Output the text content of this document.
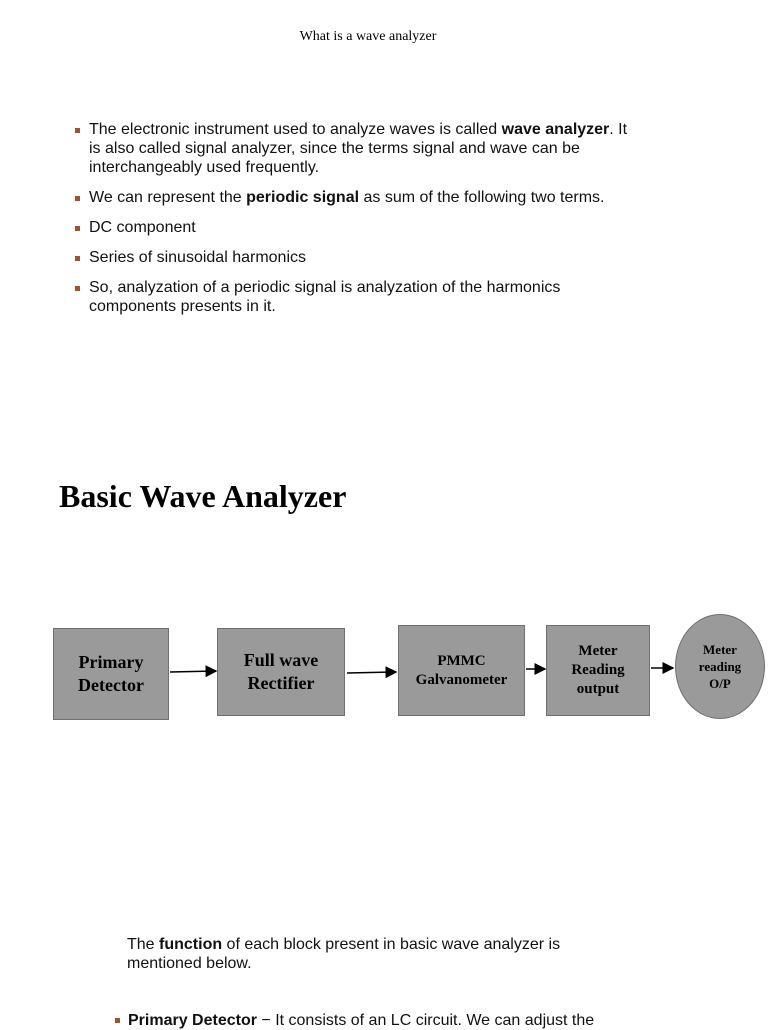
What is a wave analyzer
The electronic instrument used to analyze waves is called wave analyzer. It is also called signal analyzer, since the terms signal and wave can be interchangeably used frequently.
We can represent the periodic signal as sum of the following two terms.
DC component
Series of sinusoidal harmonics
So, analyzation of a periodic signal is analyzation of the harmonics components presents in it.
Basic Wave Analyzer
Primary
Detector
Full wave
Rectifier
PMMC
Galvanometer
Meter
Reading
output
Meter
reading
O/P
The function of each block present in basic wave analyzer is mentioned below.
Primary Detector − It consists of an LC circuit. We can adjust the
